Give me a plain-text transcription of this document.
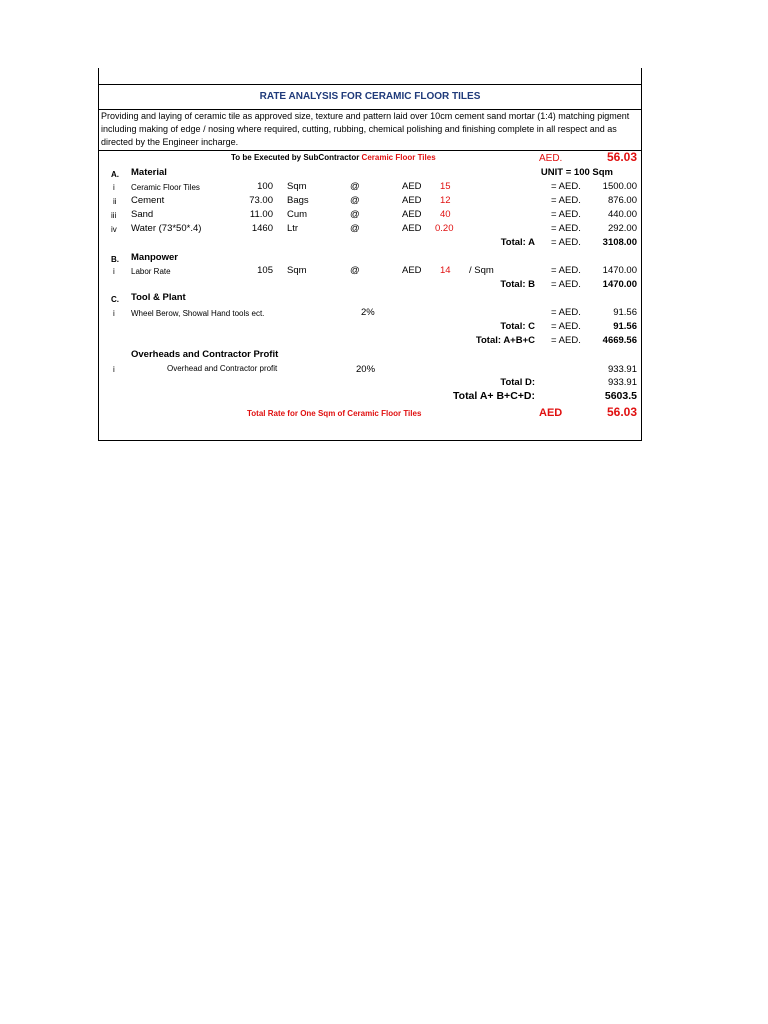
RATE ANALYSIS FOR CERAMIC FLOOR TILES
Providing and laying of ceramic tile as approved size, texture and pattern laid over 10cm cement sand mortar (1:4) matching pigment including making of edge / nosing where required, cutting, rubbing, chemical polishing and finishing complete in all respect and as directed by the Engineer incharge.
To be Executed by SubContractor Ceramic Floor Tiles	AED.	56.03
A. Material	UNIT = 100 Sqm
i Ceramic Floor Tiles	100 Sqm	@	AED 15	= AED.	1500.00
ii Cement	73.00 Bags	@	AED 12	= AED.	876.00
iii Sand	11.00 Cum	@	AED 40	= AED.	440.00
iv Water (73*50*.4)	1460 Ltr	@	AED 0.20	= AED.	292.00
Total: A = AED.	3108.00
B. Manpower
i Labor Rate	105 Sqm	@	AED 14 / Sqm	= AED.	1470.00
Total: B = AED.	1470.00
C. Tool & Plant
i Wheel Berow, Showal Hand tools ect.	2%	= AED.	91.56
Total: C = AED.	91.56
Total: A+B+C = AED.	4669.56
Overheads and Contractor Profit
i	Overhead and Contractor profit	20%	933.91
Total D:	933.91
Total A+ B+C+D:	5603.5
Total Rate for One Sqm of Ceramic Floor Tiles	AED	56.03
